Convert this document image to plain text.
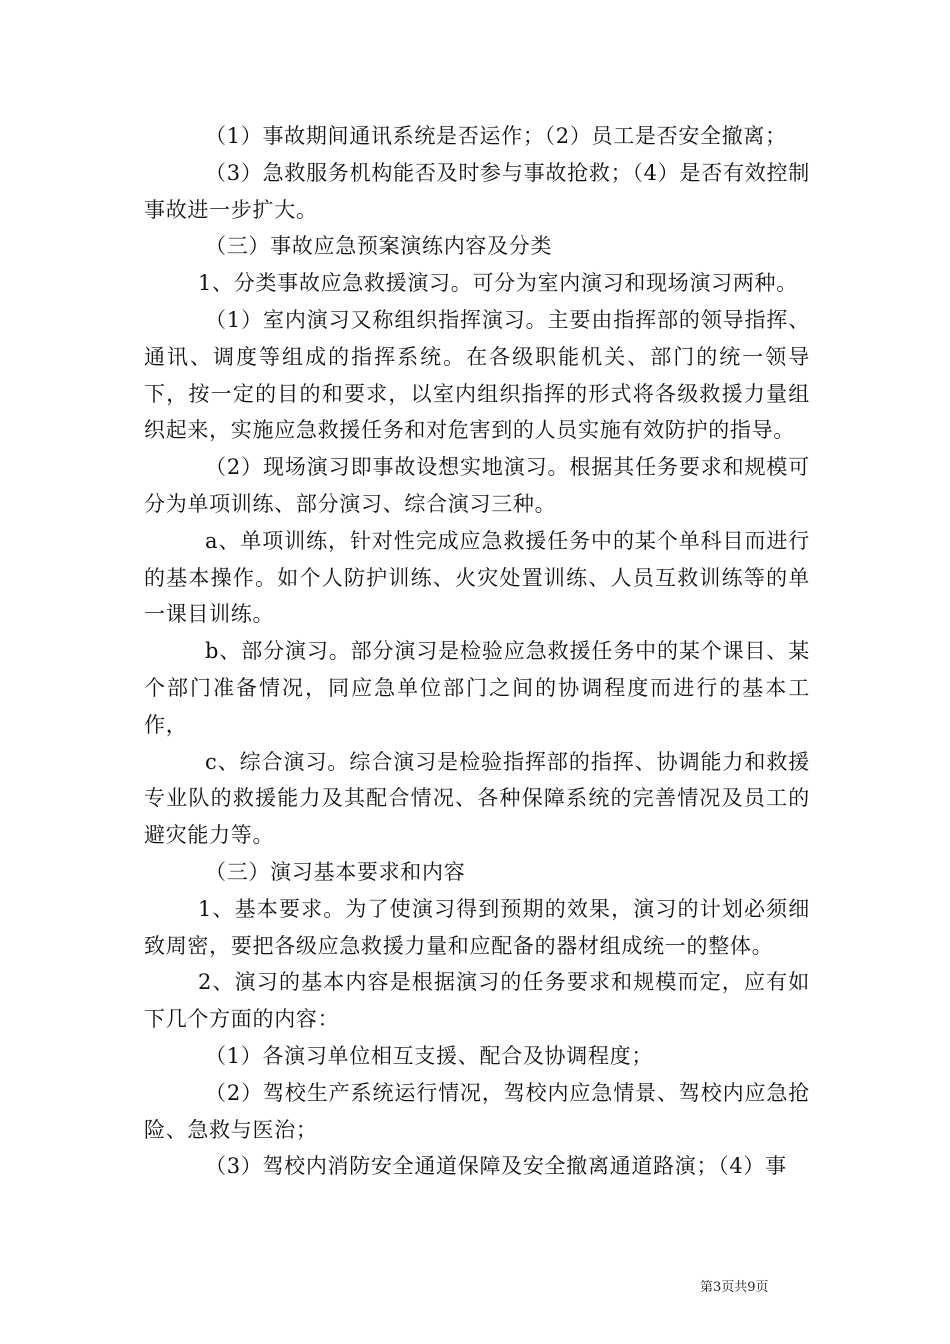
（1）事故期间通讯系统是否运作；（2）员工是否安全撤离；

（3）急救服务机构能否及时参与事故抢救；（4）是否有效控制事故进一步扩大。

（三）事故应急预案演练内容及分类

1、分类事故应急救援演习。可分为室内演习和现场演习两种。

（1）室内演习又称组织指挥演习。主要由指挥部的领导指挥、通讯、调度等组成的指挥系统。在各级职能机关、部门的统一领导下，按一定的目的和要求，以室内组织指挥的形式将各级救援力量组织起来，实施应急救援任务和对危害到的人员实施有效防护的指导。

（2）现场演习即事故设想实地演习。根据其任务要求和规模可分为单项训练、部分演习、综合演习三种。

a、单项训练，针对性完成应急救援任务中的某个单科目而进行的基本操作。如个人防护训练、火灾处置训练、人员互救训练等的单一课目训练。

b、部分演习。部分演习是检验应急救援任务中的某个课目、某个部门准备情况，同应急单位部门之间的协调程度而进行的基本工作，

c、综合演习。综合演习是检验指挥部的指挥、协调能力和救援专业队的救援能力及其配合情况、各种保障系统的完善情况及员工的避灾能力等。

（三）演习基本要求和内容

1、基本要求。为了使演习得到预期的效果，演习的计划必须细致周密，要把各级应急救援力量和应配备的器材组成统一的整体。

2、演习的基本内容是根据演习的任务要求和规模而定，应有如下几个方面的内容：

（1）各演习单位相互支援、配合及协调程度；

（2）驾校生产系统运行情况，驾校内应急情景、驾校内应急抢险、急救与医治；

（3）驾校内消防安全通道保障及安全撤离通道路演；（4）事

第3页共9页
